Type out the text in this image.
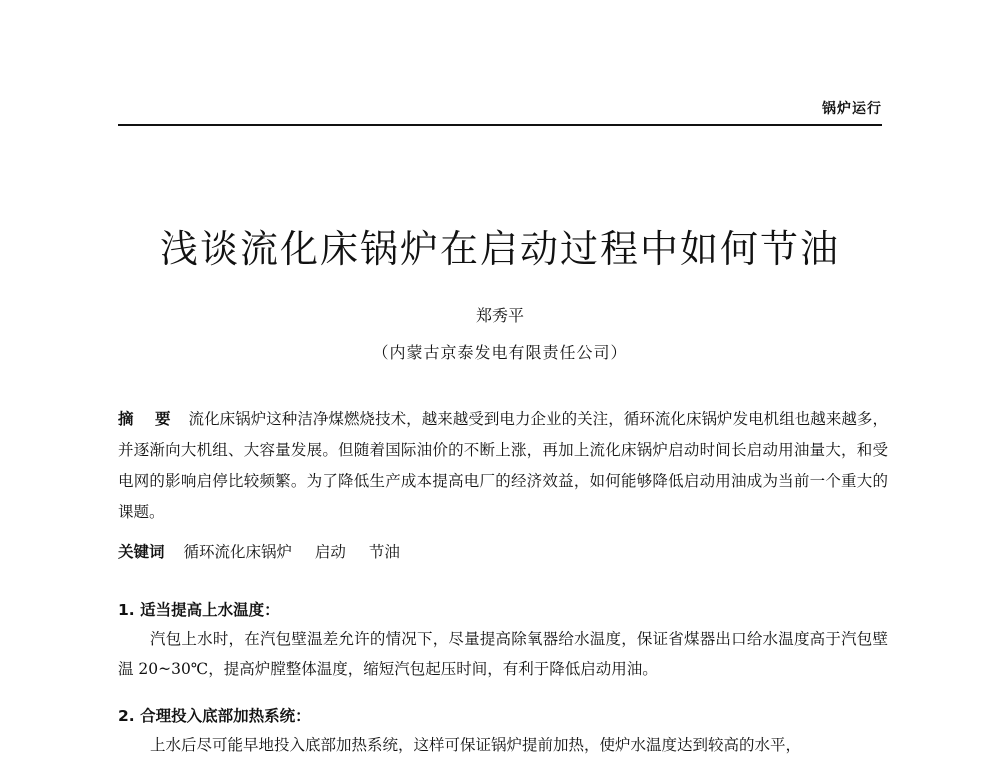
锅炉运行
浅谈流化床锅炉在启动过程中如何节油
郑秀平
（内蒙古京泰发电有限责任公司）
摘 要 流化床锅炉这种洁净煤燃烧技术，越来越受到电力企业的关注，循环流化床锅炉发电机组也越来越多，并逐渐向大机组、大容量发展。但随着国际油价的不断上涨，再加上流化床锅炉启动时间长启动用油量大，和受电网的影响启停比较频繁。为了降低生产成本提高电厂的经济效益，如何能够降低启动用油成为当前一个重大的课题。
关键词 循环流化床锅炉 启动 节油
1. 适当提高上水温度：
汽包上水时，在汽包壁温差允许的情况下，尽量提高除氧器给水温度，保证省煤器出口给水温度高于汽包壁温 20~30℃，提高炉膛整体温度，缩短汽包起压时间，有利于降低启动用油。
2. 合理投入底部加热系统：
上水后尽可能早地投入底部加热系统，这样可保证锅炉提前加热，使炉水温度达到较高的水平，
